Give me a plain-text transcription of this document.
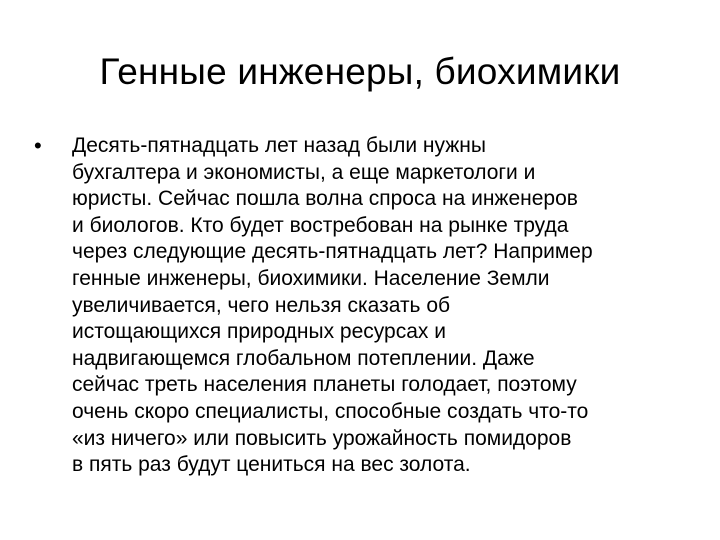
Генные инженеры, биохимики
•	Десять-пятнадцать лет назад были нужны
бухгалтера и экономисты, а еще маркетологи и
юристы. Сейчас пошла волна спроса на инженеров
и биологов. Кто будет востребован на рынке труда
через следующие десять-пятнадцать лет? Например
генные инженеры, биохимики. Население Земли
увеличивается, чего нельзя сказать об
истощающихся природных ресурсах и
надвигающемся глобальном потеплении. Даже
сейчас треть населения планеты голодает, поэтому
очень скоро специалисты, способные создать что-то
«из ничего» или повысить урожайность помидоров
в пять раз будут цениться на вес золота.
